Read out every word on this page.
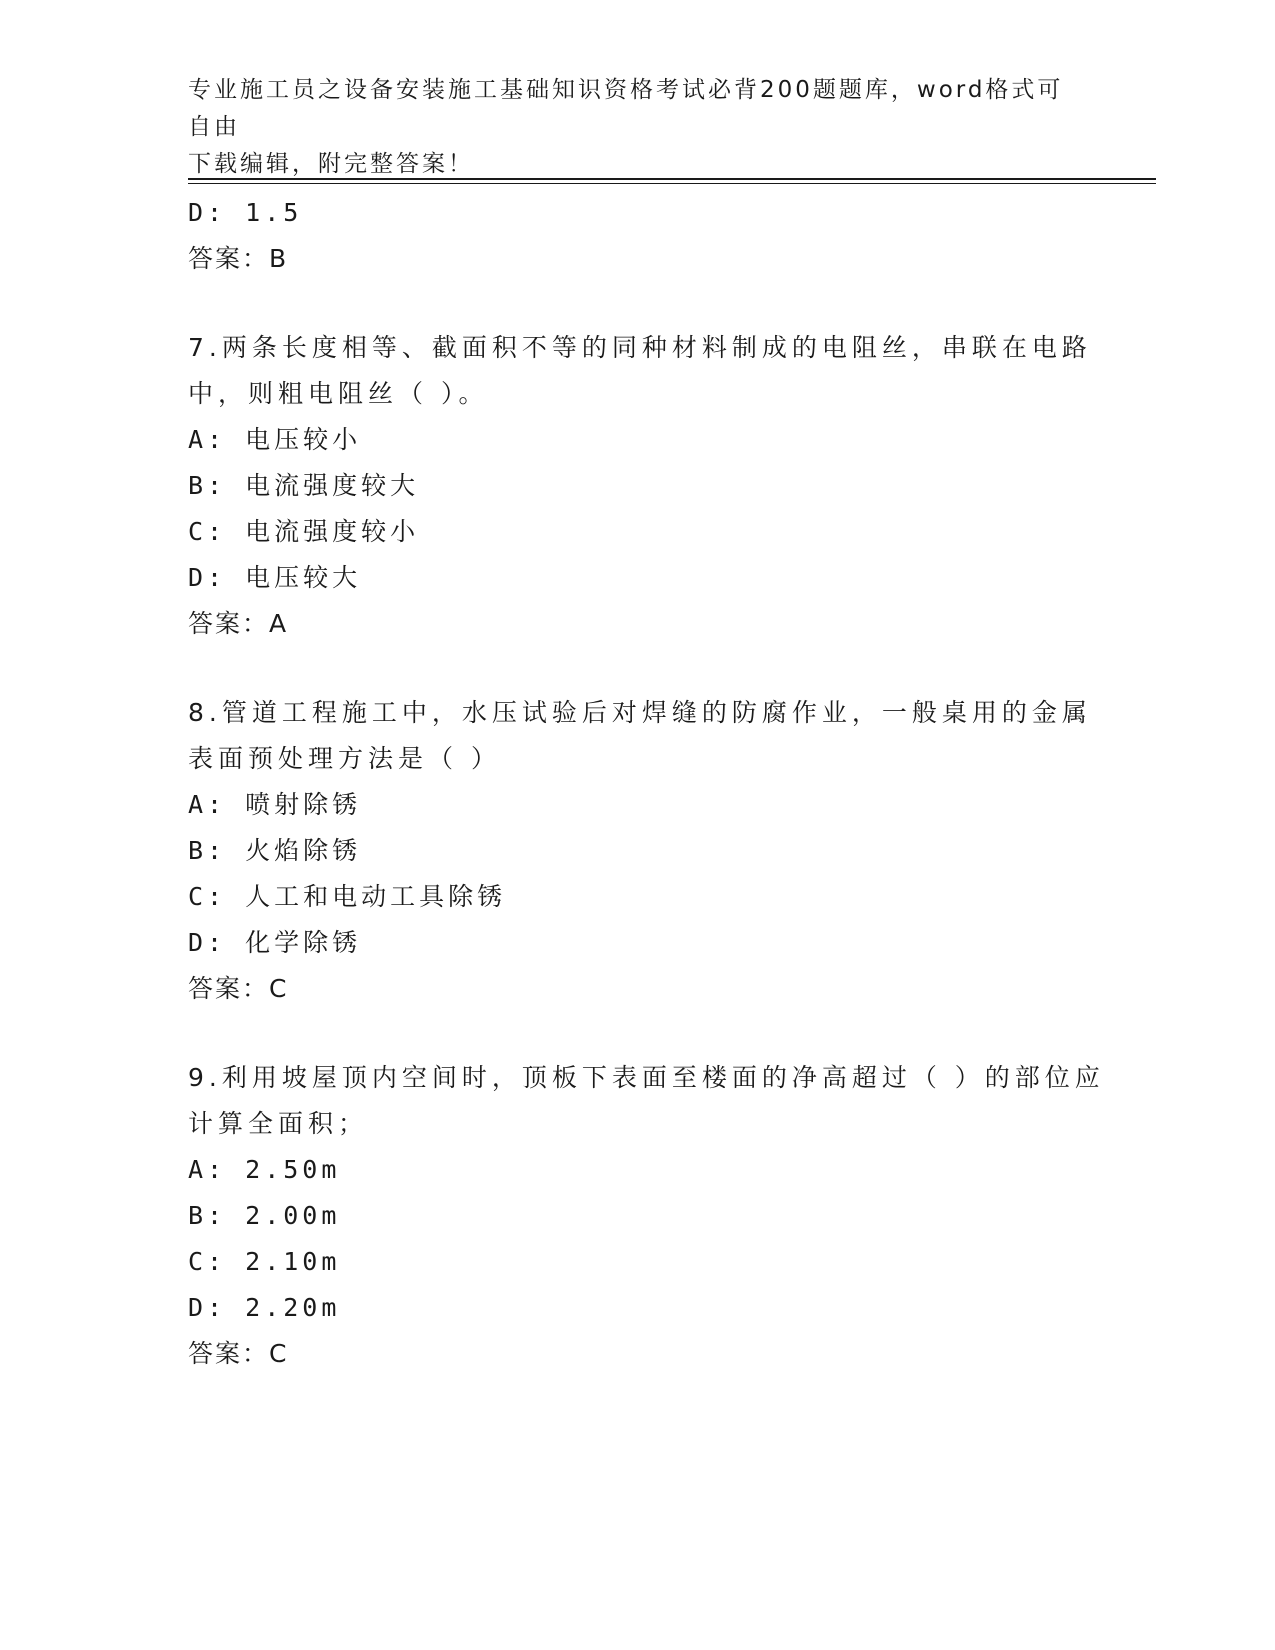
专业施工员之设备安装施工基础知识资格考试必背200题题库，word格式可自由
下载编辑，附完整答案！
D: 1.5
答案：B
7.两条长度相等、截面积不等的同种材料制成的电阻丝，串联在电路
中，则粗电阻丝（ ）。
A: 电压较小
B: 电流强度较大
C: 电流强度较小
D: 电压较大
答案：A
8.管道工程施工中，水压试验后对焊缝的防腐作业，一般桌用的金属
表面预处理方法是（ ）
A: 喷射除锈
B: 火焰除锈
C: 人工和电动工具除锈
D: 化学除锈
答案：C
9.利用坡屋顶内空间时，顶板下表面至楼面的净高超过（ ）的部位应
计算全面积；
A: 2.50m
B: 2.00m
C: 2.10m
D: 2.20m
答案：C
